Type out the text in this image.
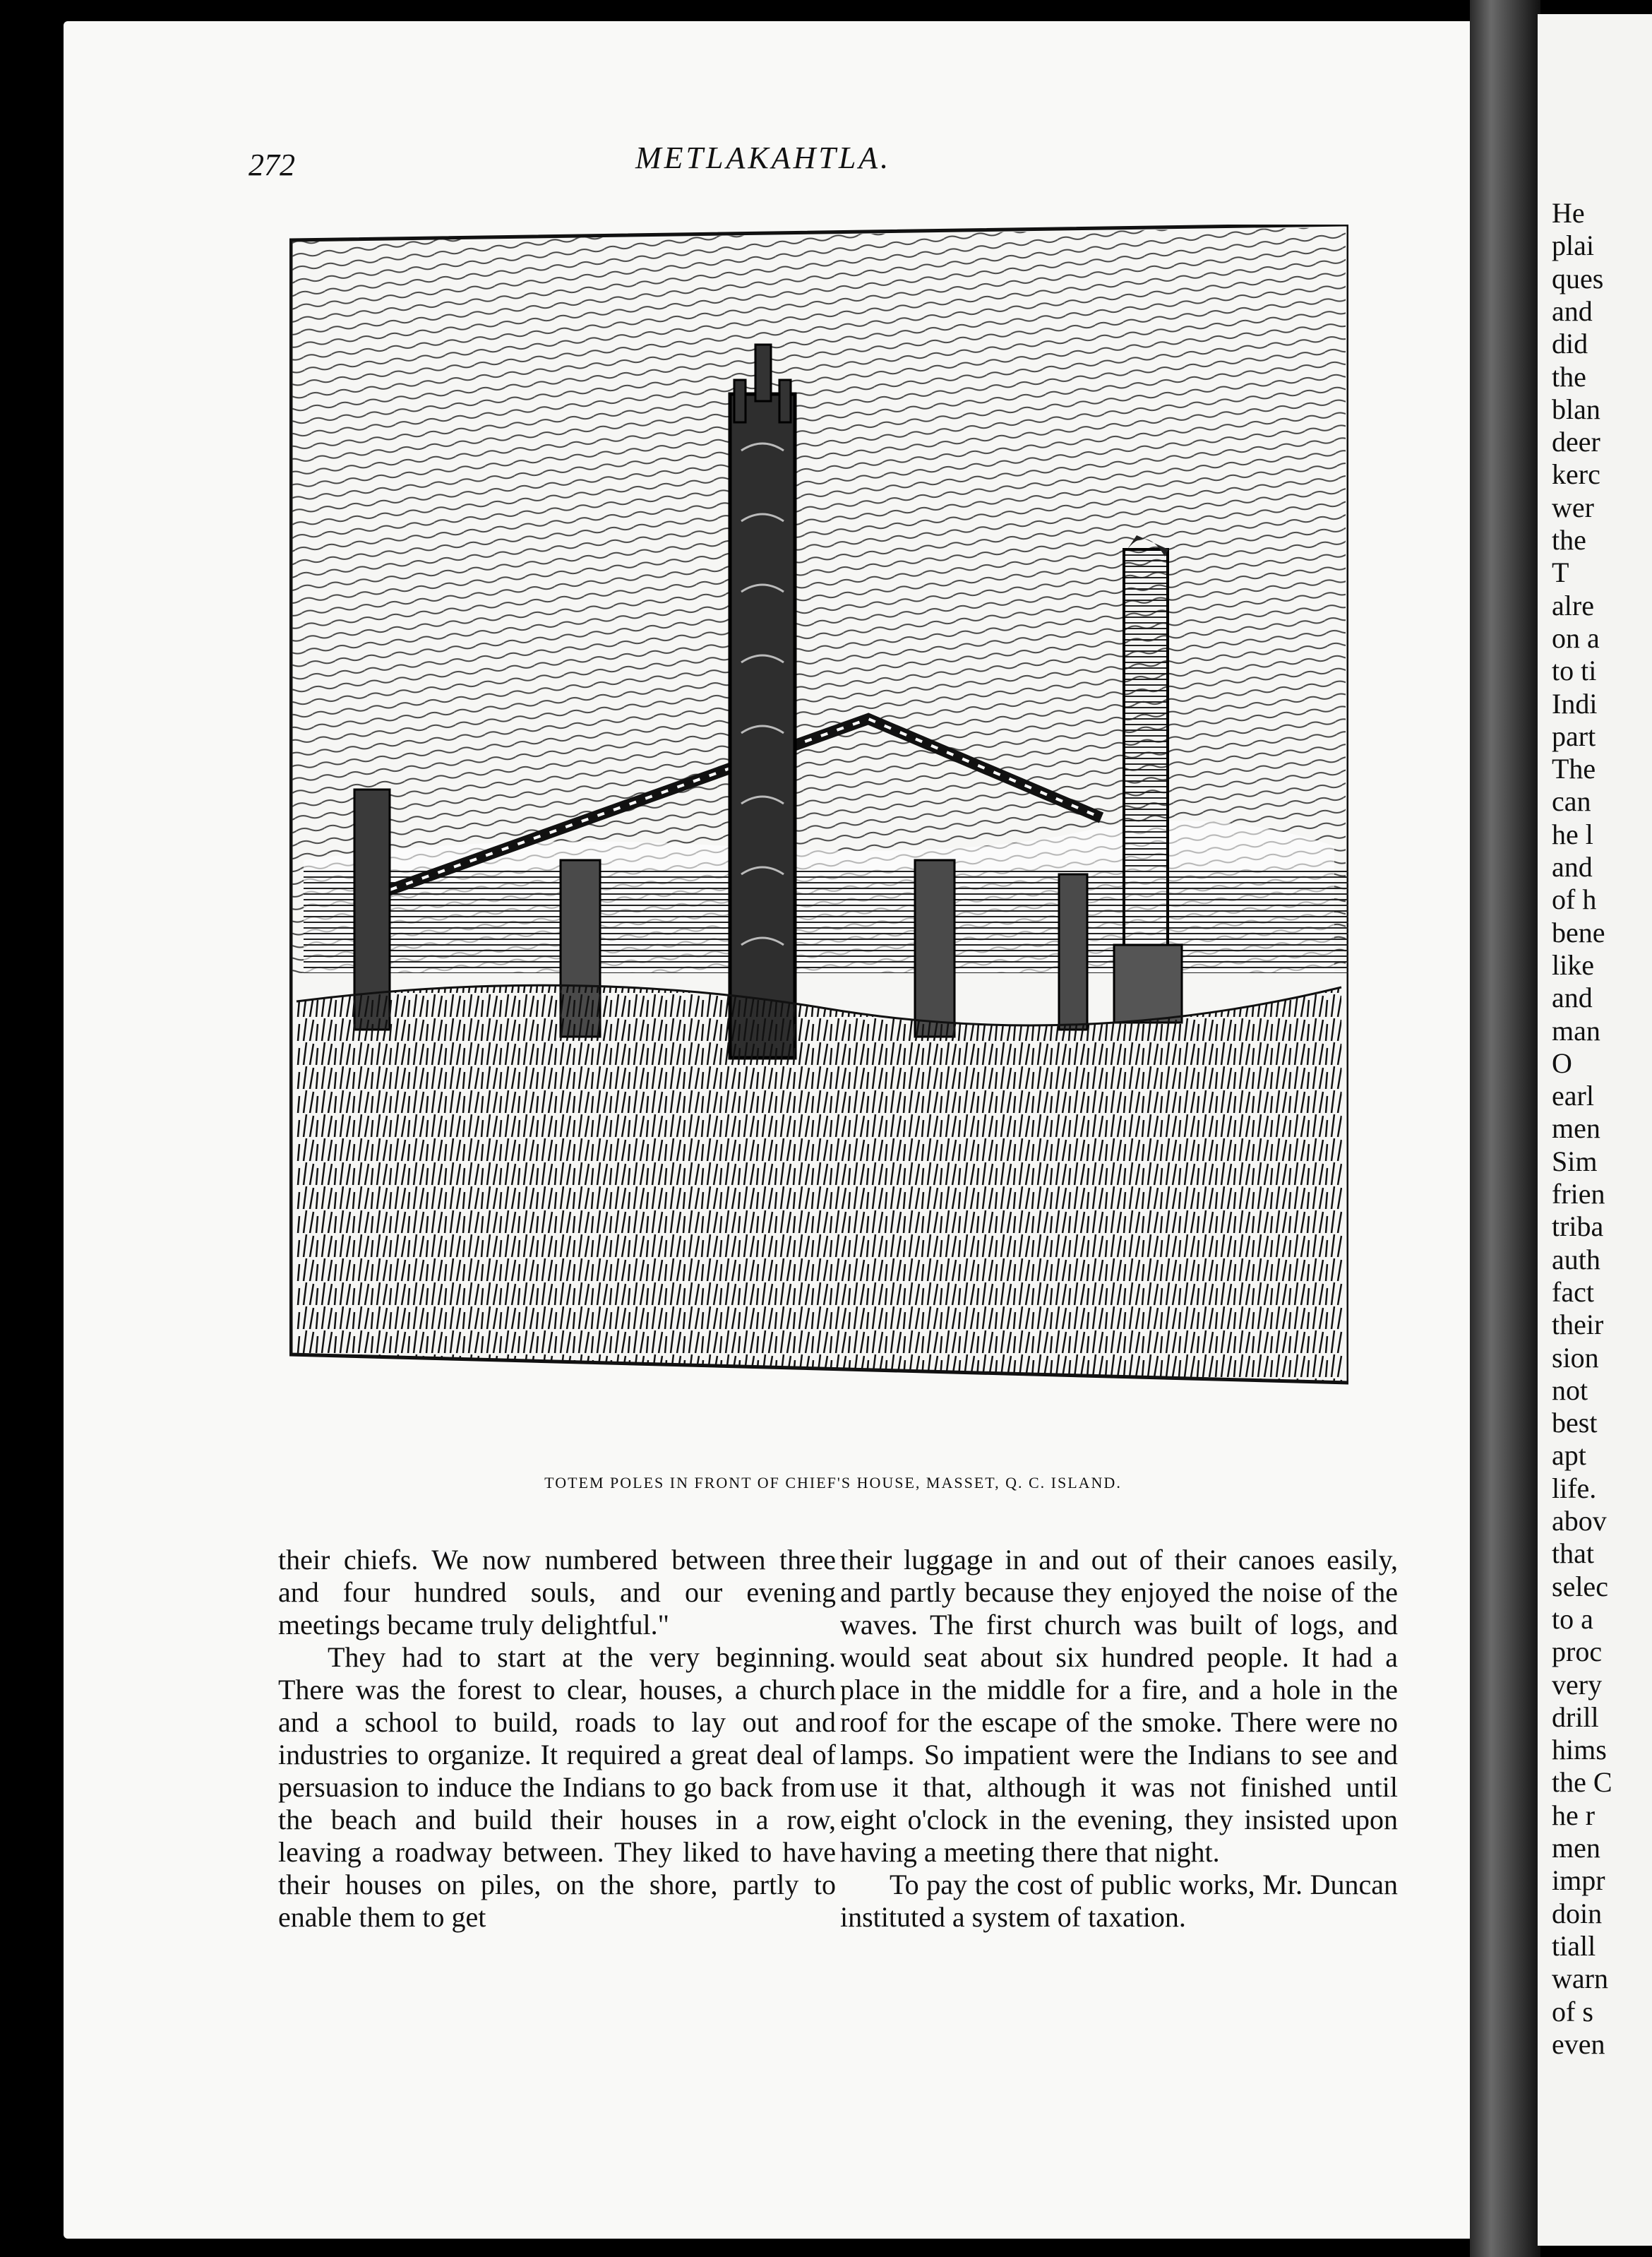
He
plai
ques
and
did
the
blan
deer
kerc
wer
the
T
alre
on a
to ti
Indi
part
The
can
he l
and
of h
bene
like
and
man
O
earl
men
Sim
frien
triba
auth
fact
their
sion
not
best
apt
life.
abov
that
selec
to a
proc
very
drill
hims
the C
he r
men
impr
doin
tiall
warn
of s
even
272	METLAKAHTLA.
TOTEM POLES IN FRONT OF CHIEF'S HOUSE, MASSET, Q. C. ISLAND.

their chiefs. We now numbered between three and four hundred souls, and our evening meetings became truly delightful."

They had to start at the very beginning. There was the forest to clear, houses, a church and a school to build, roads to lay out and industries to organize. It required a great deal of persuasion to induce the Indians to go back from the beach and build their houses in a row, leaving a roadway between. They liked to have their houses on piles, on the shore, partly to enable them to get

their luggage in and out of their canoes easily, and partly because they enjoyed the noise of the waves. The first church was built of logs, and would seat about six hundred people. It had a place in the middle for a fire, and a hole in the roof for the escape of the smoke. There were no lamps. So impatient were the Indians to see and use it that, although it was not finished until eight o'clock in the evening, they insisted upon having a meeting there that night.

To pay the cost of public works, Mr. Duncan instituted a system of taxation.
